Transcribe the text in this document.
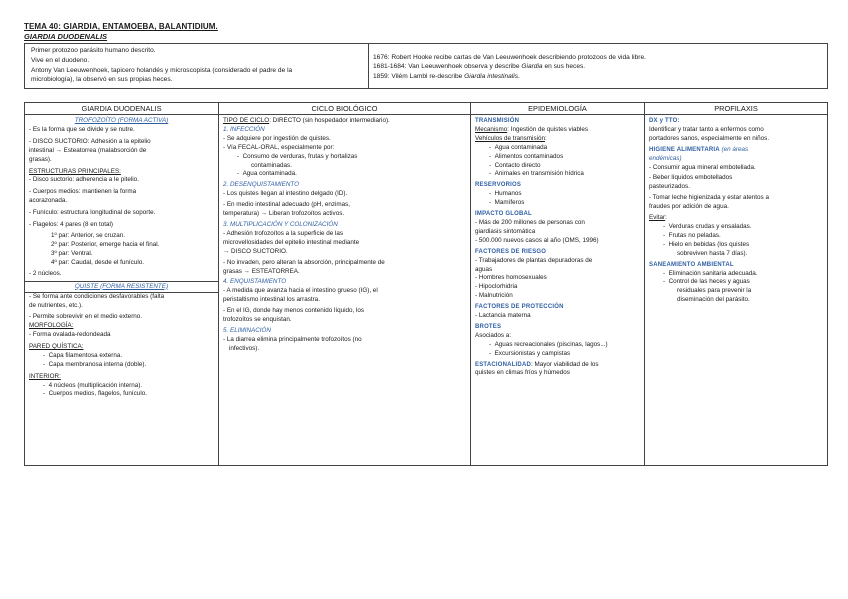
TEMA 40: GIARDIA, ENTAMOEBA, BALANTIDIUM.
GIARDIA DUODENALIS
Primer protozoo parásito humano descrito.
Vive en el duodeno.
Antony Van Leeuwenhoek, tapicero holandés y microscopista (considerado el padre de la
microbiología), la observó en sus propias heces.
1676: Robert Hooke recibe cartas de Van Leeuwenhoek describiendo protozoos de vida libre.
1681-1684: Van Leeuwenhoek observa y describe Giardia en sus heces.
1859: Vilém Lambl re-describe Giardia intestinalis.
GIARDIA DUODENALIS
TROFOZOÍTO (FORMA ACTIVA)
- Es la forma que se divide y se nutre.
- DISCO SUCTORIO: Adhesión a la epitelio
intestinal → Esteatorrea (malabsorción de
grasas).
ESTRUCTURAS PRINCIPALES:
- Disco suctorio: adherencia a le pitelio.
- Cuerpos medios: mantienen la forma
acorazonada.
- Funículo: estructura longitudinal de soporte.
- Flagelos: 4 pares (8 en total)
1º par: Anterior, se cruzan.
2º par: Posterior, emerge hacia el final.
3º par: Ventral.
4º par: Caudal, desde el funículo.
- 2 núcleos.
QUISTE (FORMA RESISTENTE)
- Se forma ante condiciones desfavorables (falta
de nutrientes, etc.).
- Permite sobrevivir en el medio externo.
MORFOLOGÍA:
- Forma ovalada-redondeada
PARED QUÍSTICA:
-  Capa filamentosa externa.
-  Capa membranosa interna (doble).
INTERIOR:
-  4 núcleos (multiplicación interna).
-  Cuerpos medios, flagelos, funículo.
CICLO BIOLÓGICO
TIPO DE CICLO: DIRECTO (sin hospedador intermediario).
1. INFECCIÓN
- Se adquiere por ingestión de quistes.
- Vía FECAL-ORAL, especialmente por:
-  Consumo de verduras, frutas y hortalizas
contaminadas.
-  Agua contaminada.
2. DESENQUISTAMIENTO
- Los quistes llegan al intestino delgado (ID).
- En medio intestinal adecuado (pH, enzimas,
temperatura) → Liberan trofozoítos activos.
3. MULTIPLICACIÓN Y COLONIZACIÓN
- Adhesión trofozoítos a la superficie de las
microvellosidades del epitelio intestinal mediante
→ DISCO SUCTORIO.
- No invaden, pero alteran la absorción, principalmente de
grasas → ESTEATORREA.
4. ENQUISTAMIENTO
- A medida que avanza hacia el intestino grueso (IG), el
peristaltismo intestinal los arrastra.
- En el IG, donde hay menos contenido líquido, los
trofozoítos se enquistan.
5. ELIMINACIÓN
- La diarrea elimina principalmente trofozoítos (no
infectivos).
EPIDEMIOLOGÍA
TRANSMISIÓN
Mecanismo: Ingestión de quistes viables
Vehículos de transmisión:
-  Agua contaminada
-  Alimentos contaminados
-  Contacto directo
-  Animales en transmisión hídrica
RESERVORIOS
-  Humanos
-  Mamíferos
IMPACTO GLOBAL
- Más de 200 millones de personas con
giardiasis sintomática
- 500.000 nuevos casos al año (OMS, 1996)
FACTORES DE RIESGO
- Trabajadores de plantas depuradoras de
aguas
- Hombres homosexuales
- Hipoclorhidria
- Malnutrición
FACTORES DE PROTECCIÓN
- Lactancia materna
BROTES
Asociados a:
-  Aguas recreacionales (piscinas, lagos...)
-  Excursionistas y campistas
ESTACIONALIDAD: Mayor viabilidad de los
quistes en climas fríos y húmedos
PROFILAXIS
DX y TTO:
Identificar y tratar tanto a enfermos como
portadores sanos, especialmente en niños.
HIGIENE ALIMENTARIA (en áreas
endémicas)
- Consumir agua mineral embotellada.
- Beber líquidos embotellados
pasteurizados.
- Tomar leche higienizada y estar atentos a
fraudes por adición de agua.
Evitar:
-  Verduras crudas y ensaladas.
-  Frutas no peladas.
-  Hielo en bebidas (los quistes
sobreviven hasta 7 días).
SANEAMIENTO AMBIENTAL
-  Eliminación sanitaria adecuada.
-  Control de las heces y aguas
residuales para prevenir la
diseminación del parásito.
